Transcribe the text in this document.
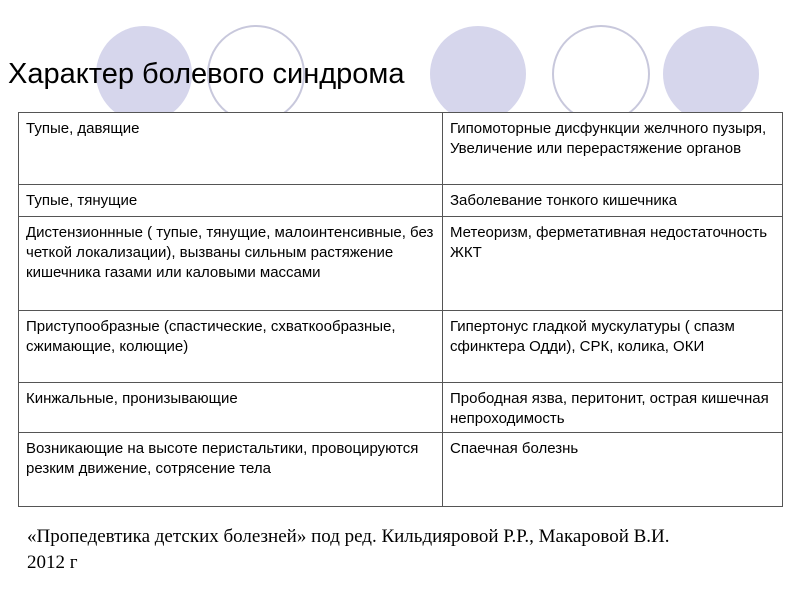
Характер болевого синдрома
Тупые, давящие	Гипомоторные дисфункции желчного пузыря, Увеличение или перерастяжение органов
Тупые, тянущие	Заболевание тонкого кишечника
Дистензионнные ( тупые, тянущие, малоинтенсивные, без четкой локализации), вызваны сильным растяжение кишечника газами или каловыми массами	Метеоризм, ферметативная недостаточность ЖКТ
Приступообразные (спастические, схваткообразные, сжимающие, колющие)	Гипертонус гладкой мускулатуры ( спазм сфинктера Одди), СРК, колика, ОКИ
Кинжальные, пронизывающие	Прободная язва, перитонит, острая кишечная непроходимость
Возникающие на высоте перистальтики, провоцируются резким движение, сотрясение тела	Спаечная болезнь
«Пропедевтика детских болезней» под ред. Кильдияровой Р.Р., Макаровой В.И.
2012 г
